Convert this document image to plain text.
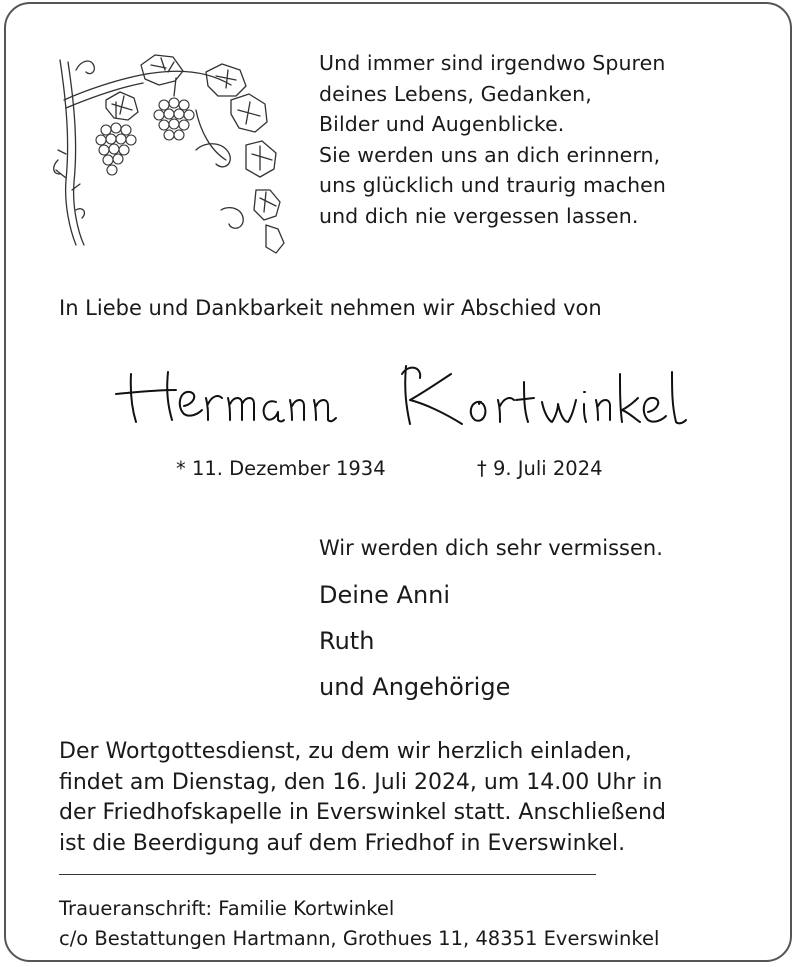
Und immer sind irgendwo Spuren
deines Lebens, Gedanken,
Bilder und Augenblicke.
Sie werden uns an dich erinnern,
uns glücklich und traurig machen
und dich nie vergessen lassen.
In Liebe und Dankbarkeit nehmen wir Abschied von
* 11. Dezember 1934	† 9. Juli 2024
Wir werden dich sehr vermissen.
Deine Anni
Ruth
und Angehörige
Der Wortgottesdienst, zu dem wir herzlich einladen,
findet am Dienstag, den 16. Juli 2024, um 14.00 Uhr in
der Friedhofskapelle in Everswinkel statt. Anschließend
ist die Beerdigung auf dem Friedhof in Everswinkel.
Traueranschrift: Familie Kortwinkel
c/o Bestattungen Hartmann, Grothues 11, 48351 Everswinkel
